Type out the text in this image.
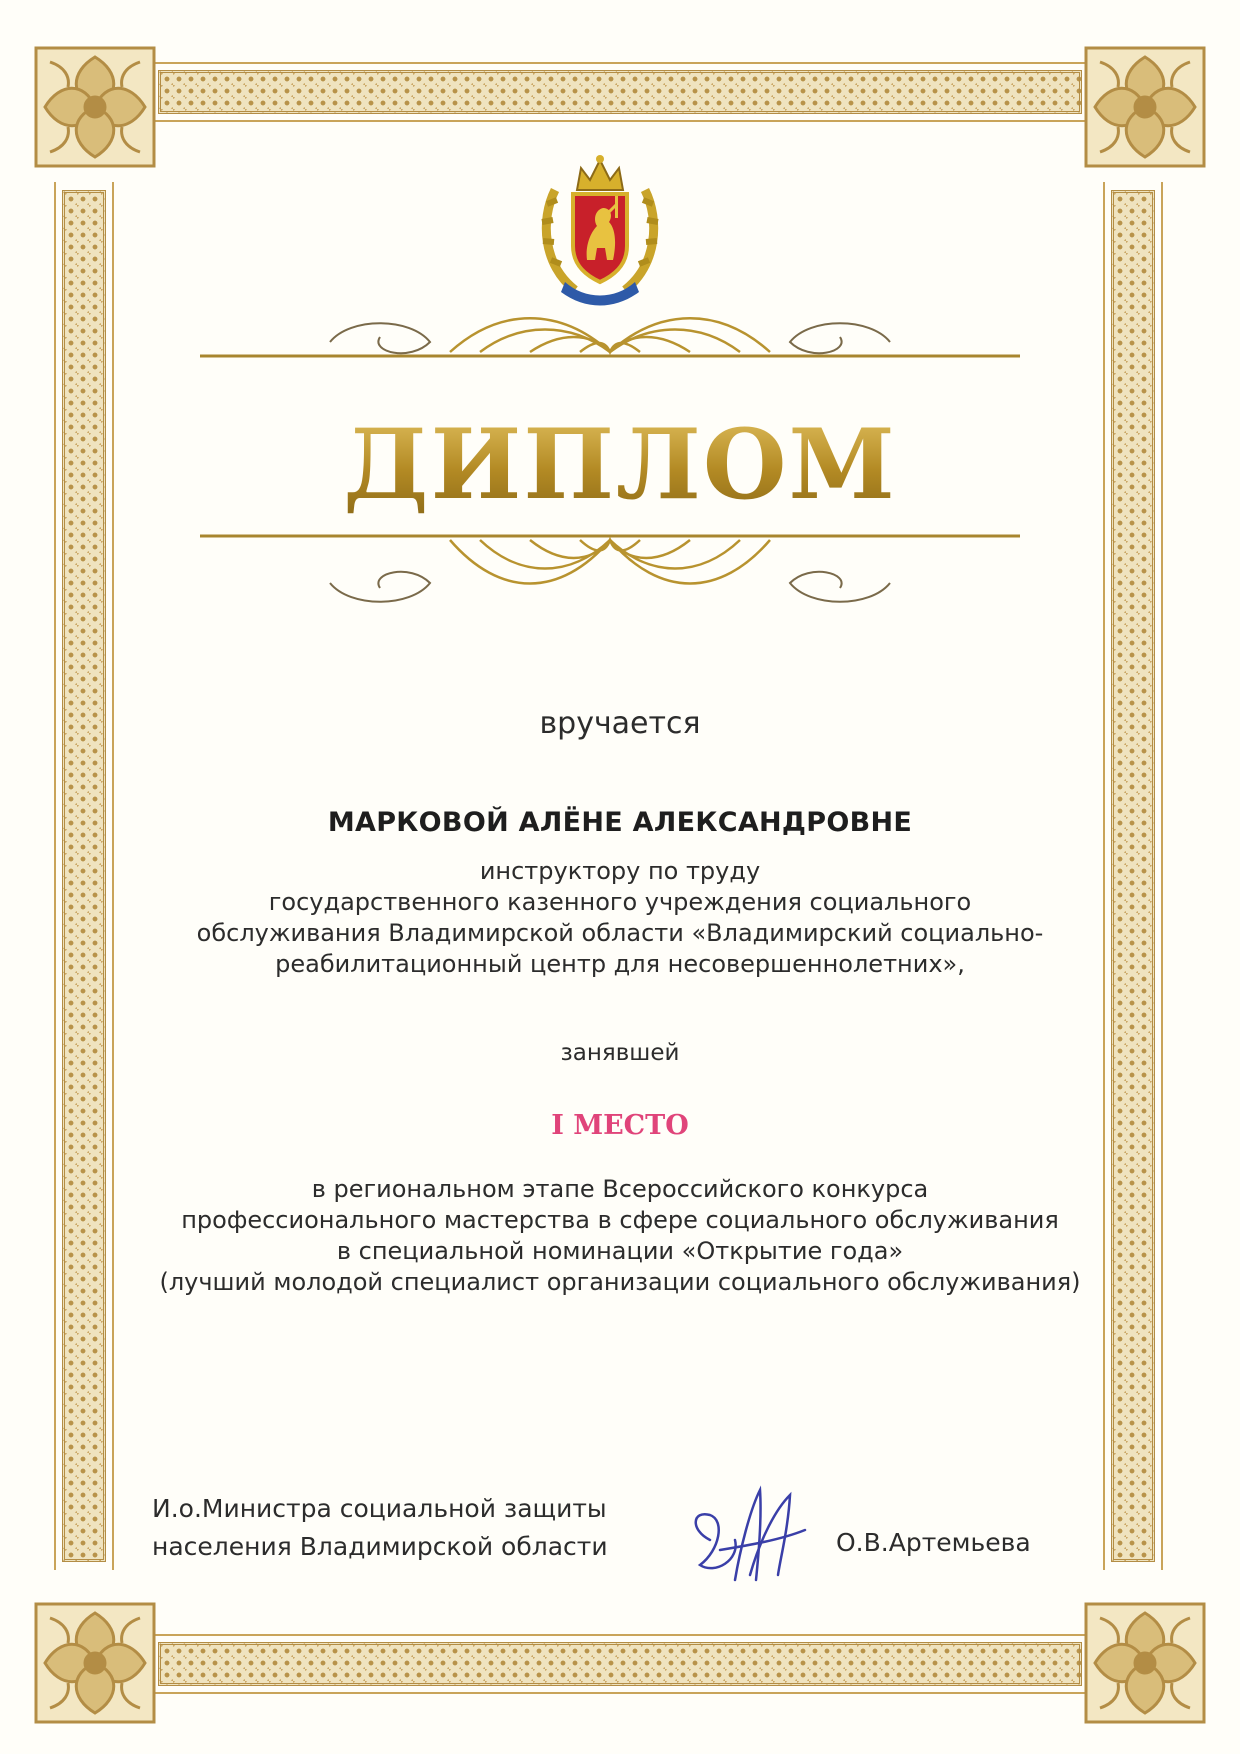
ДИПЛОМ
вручается
МАРКОВОЙ АЛЁНЕ АЛЕКСАНДРОВНЕ
инструктору по труду
государственного казенного учреждения социального
обслуживания Владимирской области «Владимирский социально-
реабилитационный центр для несовершеннолетних»,
занявшей
I МЕСТО
в региональном этапе Всероссийского конкурса
профессионального мастерства в сфере социального обслуживания
в специальной номинации «Открытие года»
(лучший молодой специалист организации социального обслуживания)
И.о.Министра социальной защиты
населения Владимирской области	О.В.Артемьева
